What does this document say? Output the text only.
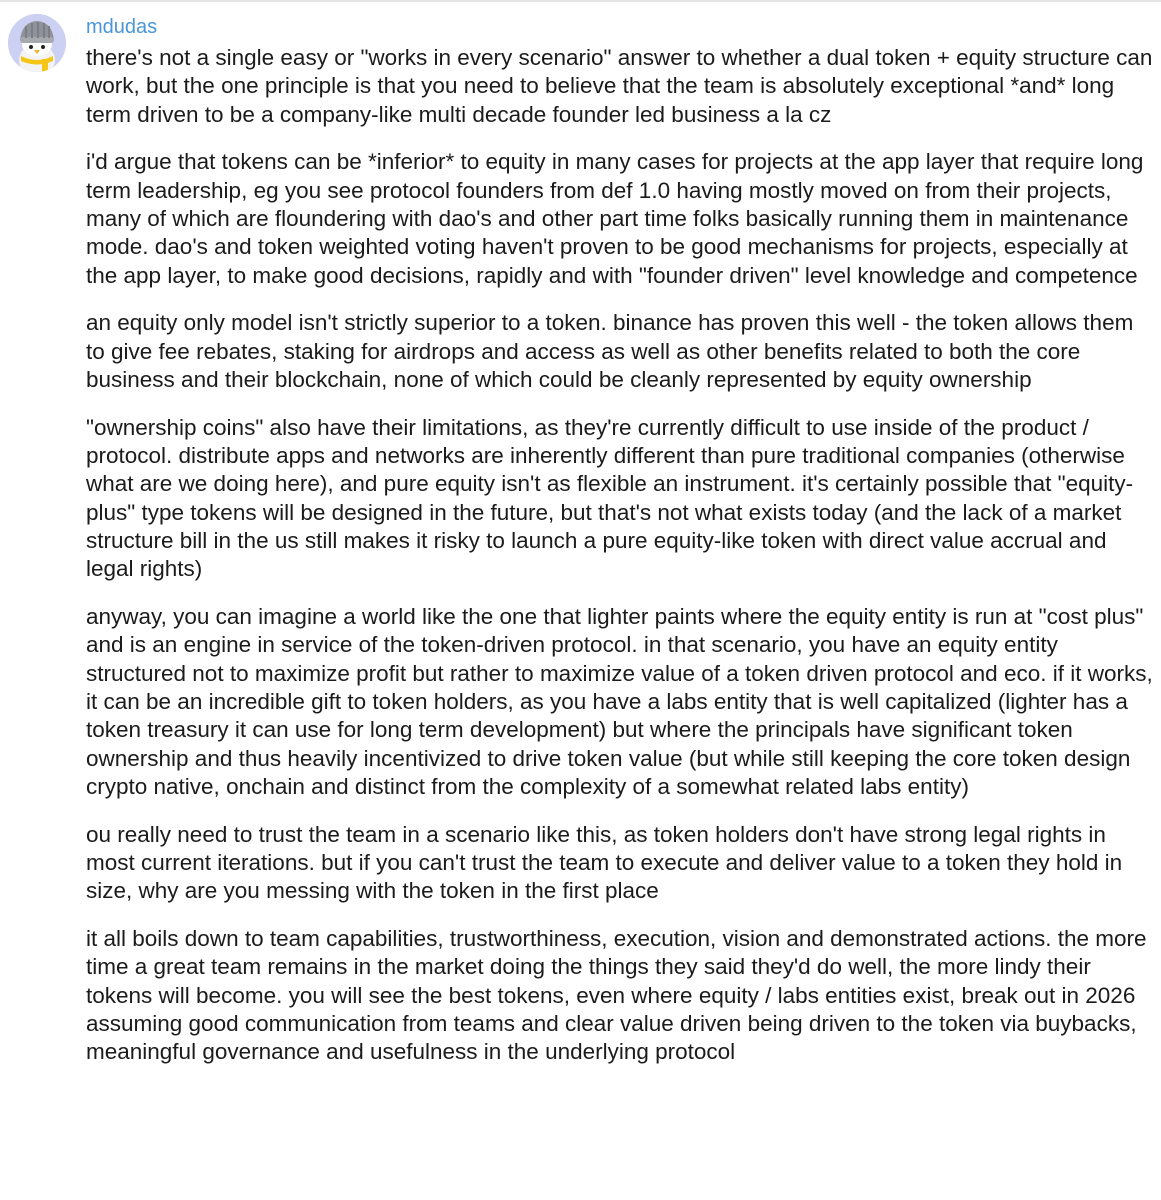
mdudas

there's not a single easy or "works in every scenario" answer to whether a dual token + equity structure can work, but the one principle is that you need to believe that the team is absolutely exceptional *and* long term driven to be a company-like multi decade founder led business a la cz

i'd argue that tokens can be *inferior* to equity in many cases for projects at the app layer that require long term leadership, eg you see protocol founders from def 1.0 having mostly moved on from their projects, many of which are floundering with dao's and other part time folks basically running them in maintenance mode. dao's and token weighted voting haven't proven to be good mechanisms for projects, especially at the app layer, to make good decisions, rapidly and with "founder driven" level knowledge and competence

an equity only model isn't strictly superior to a token. binance has proven this well - the token allows them to give fee rebates, staking for airdrops and access as well as other benefits related to both the core business and their blockchain, none of which could be cleanly represented by equity ownership

"ownership coins" also have their limitations, as they're currently difficult to use inside of the product / protocol. distribute apps and networks are inherently different than pure traditional companies (otherwise what are we doing here), and pure equity isn't as flexible an instrument. it's certainly possible that "equity-plus" type tokens will be designed in the future, but that's not what exists today (and the lack of a market structure bill in the us still makes it risky to launch a pure equity-like token with direct value accrual and legal rights)

anyway, you can imagine a world like the one that lighter paints where the equity entity is run at "cost plus" and is an engine in service of the token-driven protocol. in that scenario, you have an equity entity structured not to maximize profit but rather to maximize value of a token driven protocol and eco. if it works, it can be an incredible gift to token holders, as you have a labs entity that is well capitalized (lighter has a token treasury it can use for long term development) but where the principals have significant token ownership and thus heavily incentivized to drive token value (but while still keeping the core token design crypto native, onchain and distinct from the complexity of a somewhat related labs entity)

ou really need to trust the team in a scenario like this, as token holders don't have strong legal rights in most current iterations. but if you can't trust the team to execute and deliver value to a token they hold in size, why are you messing with the token in the first place

it all boils down to team capabilities, trustworthiness, execution, vision and demonstrated actions. the more time a great team remains in the market doing the things they said they'd do well, the more lindy their tokens will become. you will see the best tokens, even where equity / labs entities exist, break out in 2026 assuming good communication from teams and clear value driven being driven to the token via buybacks, meaningful governance and usefulness in the underlying protocol
